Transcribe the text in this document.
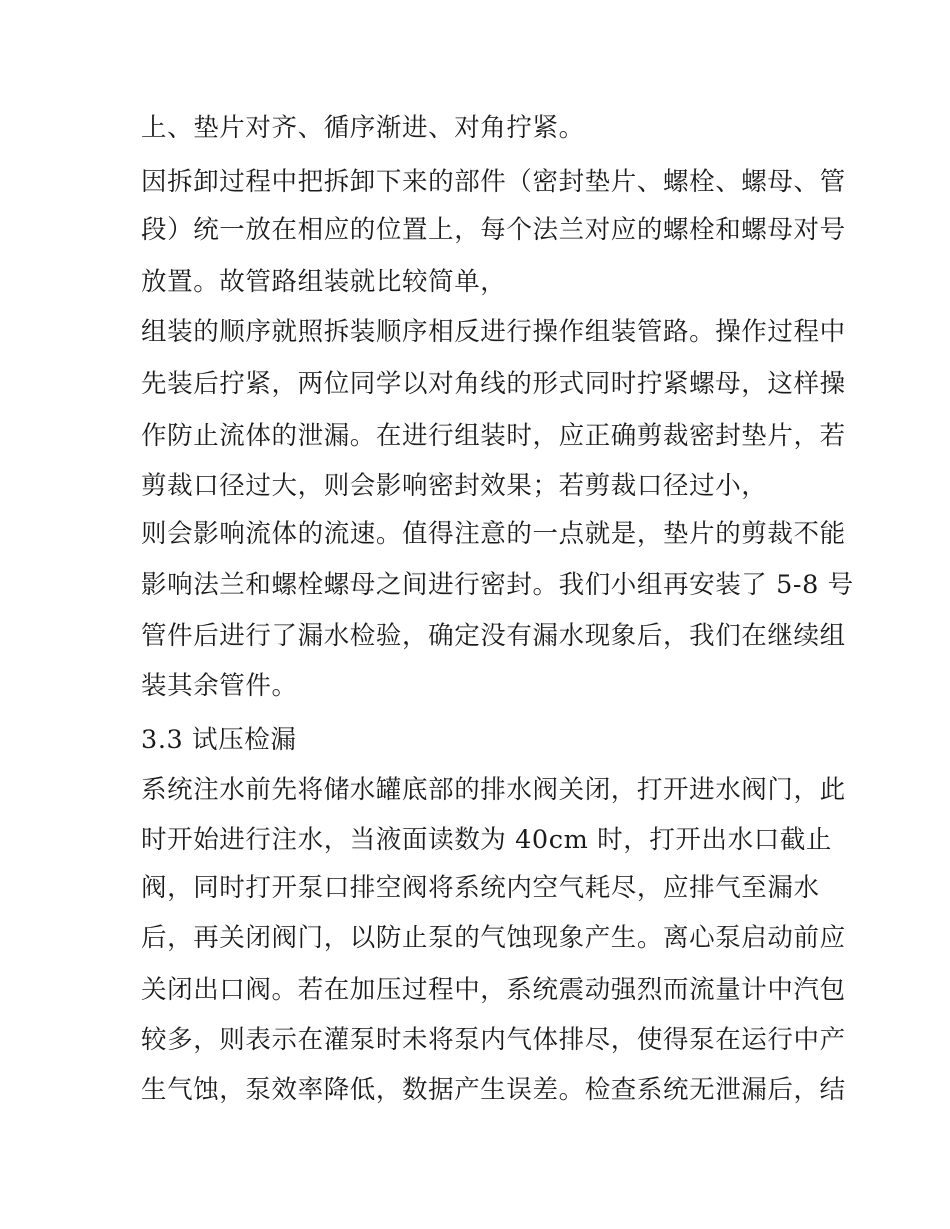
上、垫片对齐、循序渐进、对角拧紧。
因拆卸过程中把拆卸下来的部件（密封垫片、螺栓、螺母、管
段）统一放在相应的位置上，每个法兰对应的螺栓和螺母对号
放置。故管路组装就比较简单，
组装的顺序就照拆装顺序相反进行操作组装管路。操作过程中
先装后拧紧，两位同学以对角线的形式同时拧紧螺母，这样操
作防止流体的泄漏。在进行组装时，应正确剪裁密封垫片，若
剪裁口径过大，则会影响密封效果；若剪裁口径过小，
则会影响流体的流速。值得注意的一点就是，垫片的剪裁不能
影响法兰和螺栓螺母之间进行密封。我们小组再安装了 5-8 号
管件后进行了漏水检验，确定没有漏水现象后，我们在继续组
装其余管件。
3.3 试压检漏
系统注水前先将储水罐底部的排水阀关闭，打开进水阀门，此
时开始进行注水，当液面读数为 40cm 时，打开出水口截止
阀，同时打开泵口排空阀将系统内空气耗尽，应排气至漏水
后，再关闭阀门，以防止泵的气蚀现象产生。离心泵启动前应
关闭出口阀。若在加压过程中，系统震动强烈而流量计中汽包
较多，则表示在灌泵时未将泵内气体排尽，使得泵在运行中产
生气蚀，泵效率降低，数据产生误差。检查系统无泄漏后，结
